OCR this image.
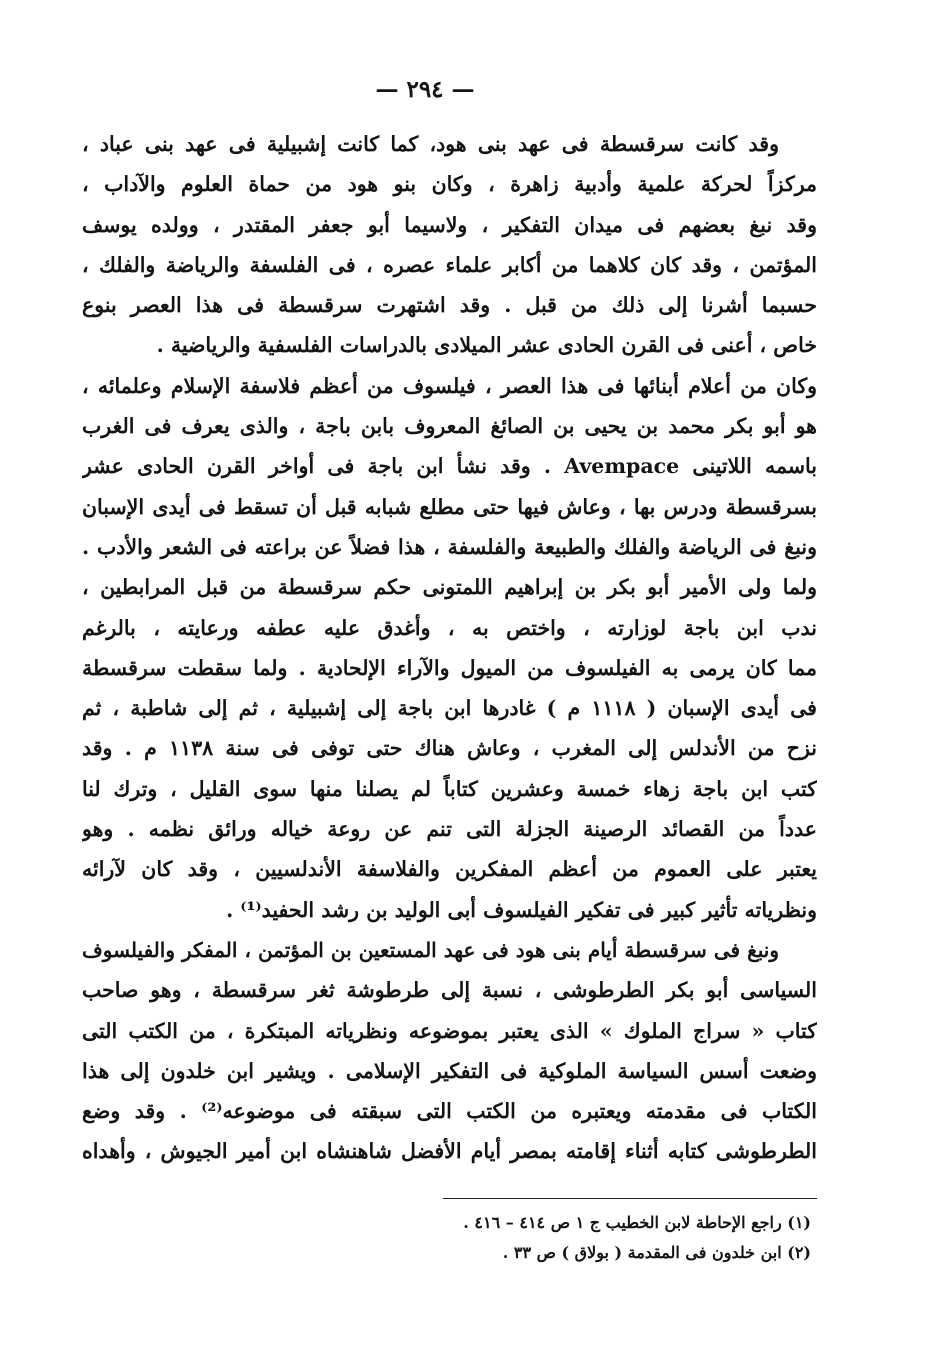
— ٢٩٤ —
وقد كانت سرقسطة فى عهد بنى هود، كما كانت إشبيلية فى عهد بنى عباد ،
مركزاً لحركة علمية وأدبية زاهرة ، وكان بنو هود من حماة العلوم والآداب ،
وقد نبغ بعضهم فى ميدان التفكير ، ولاسيما أبو جعفر المقتدر ، وولده يوسف
المؤتمن ، وقد كان كلاهما من أكابر علماء عصره ، فى الفلسفة والرياضة والفلك ،
حسبما أشرنا إلى ذلك من قبل . وقد اشتهرت سرقسطة فى هذا العصر بنوع
خاص ، أعنى فى القرن الحادى عشر الميلادى بالدراسات الفلسفية والرياضية .
وكان من أعلام أبنائها فى هذا العصر ، فيلسوف من أعظم فلاسفة الإسلام وعلمائه ،
هو أبو بكر محمد بن يحيى بن الصائغ المعروف بابن باجة ، والذى يعرف فى الغرب
باسمه اللاتينى Avempace . وقد نشأ ابن باجة فى أواخر القرن الحادى عشر
بسرقسطة ودرس بها ، وعاش فيها حتى مطلع شبابه قبل أن تسقط فى أيدى الإسبان
ونبغ فى الرياضة والفلك والطبيعة والفلسفة ، هذا فضلاً عن براعته فى الشعر والأدب .
ولما ولى الأمير أبو بكر بن إبراهيم اللمتونى حكم سرقسطة من قبل المرابطين ،
ندب ابن باجة لوزارته ، واختص به ، وأغدق عليه عطفه ورعايته ، بالرغم
مما كان يرمى به الفيلسوف من الميول والآراء الإلحادية . ولما سقطت سرقسطة
فى أيدى الإسبان ( ١١١٨ م ) غادرها ابن باجة إلى إشبيلية ، ثم إلى شاطبة ، ثم
نزح من الأندلس إلى المغرب ، وعاش هناك حتى توفى فى سنة ١١٣٨ م . وقد
كتب ابن باجة زهاء خمسة وعشرين كتاباً لم يصلنا منها سوى القليل ، وترك لنا
عدداً من القصائد الرصينة الجزلة التى تنم عن روعة خياله ورائق نظمه . وهو
يعتبر على العموم من أعظم المفكرين والفلاسفة الأندلسيين ، وقد كان لآرائه
ونظرياته تأثير كبير فى تفكير الفيلسوف أبى الوليد بن رشد الحفيد⁽¹⁾ .
ونبغ فى سرقسطة أيام بنى هود فى عهد المستعين بن المؤتمن ، المفكر والفيلسوف
السياسى أبو بكر الطرطوشى ، نسبة إلى طرطوشة ثغر سرقسطة ، وهو صاحب
كتاب « سراج الملوك » الذى يعتبر بموضوعه ونظرياته المبتكرة ، من الكتب التى
وضعت أسس السياسة الملوكية فى التفكير الإسلامى . ويشير ابن خلدون إلى هذا
الكتاب فى مقدمته ويعتبره من الكتب التى سبقته فى موضوعه⁽²⁾ . وقد وضع
الطرطوشى كتابه أثناء إقامته بمصر أيام الأفضل شاهنشاه ابن أمير الجيوش ، وأهداه
(١) راجع الإحاطة لابن الخطيب ج ١ ص ٤١٤ – ٤١٦ .
(٢) ابن خلدون فى المقدمة ( بولاق ) ص ٣٣ .
